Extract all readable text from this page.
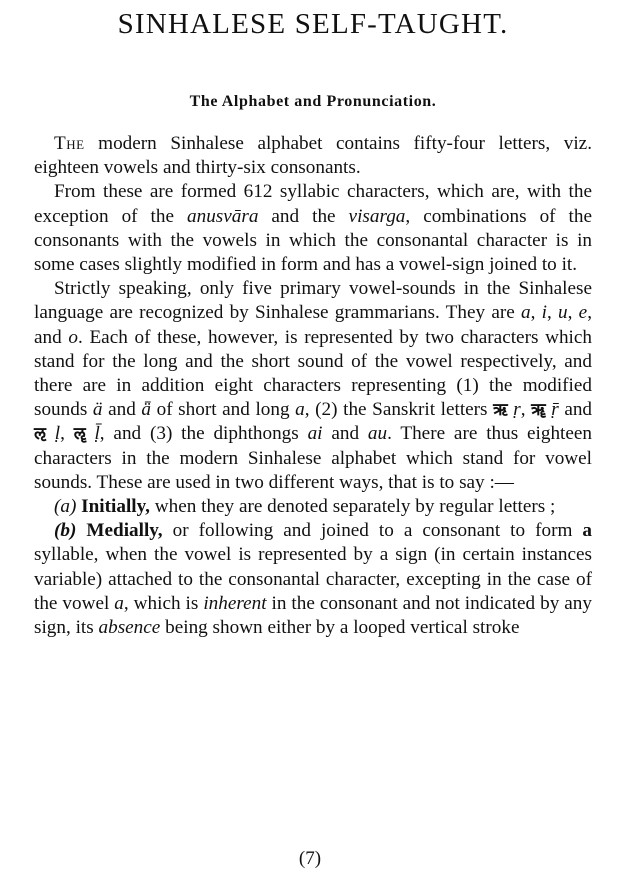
SINHALESE SELF-TAUGHT.
The Alphabet and Pronunciation.

The modern Sinhalese alphabet contains fifty-four letters, viz. eighteen vowels and thirty-six consonants.

From these are formed 612 syllabic characters, which are, with the exception of the anusvāra and the visarga, combinations of the consonants with the vowels in which the consonantal character is in some cases slightly modified in form and has a vowel-sign joined to it.

Strictly speaking, only five primary vowel-sounds in the Sinhalese language are recognized by Sinhalese grammarians. They are a, i, u, e, and o. Each of these, however, is represented by two characters which stand for the long and the short sound of the vowel respectively, and there are in addition eight characters representing (1) the modified sounds ä and ǟ of short and long a, (2) the Sanskrit letters ऋ ṛ, ॠ ṝ and ऌ ḷ, ॡ ḹ, and (3) the diphthongs ai and au. There are thus eighteen characters in the modern Sinhalese alphabet which stand for vowel sounds. These are used in two different ways, that is to say :—

(a) Initially, when they are denoted separately by regular letters ;

(b) Medially, or following and joined to a consonant to form a syllable, when the vowel is represented by a sign (in certain instances variable) attached to the consonantal character, excepting in the case of the vowel a, which is inherent in the consonant and not indicated by any sign, its absence being shown either by a looped vertical stroke

(7)
